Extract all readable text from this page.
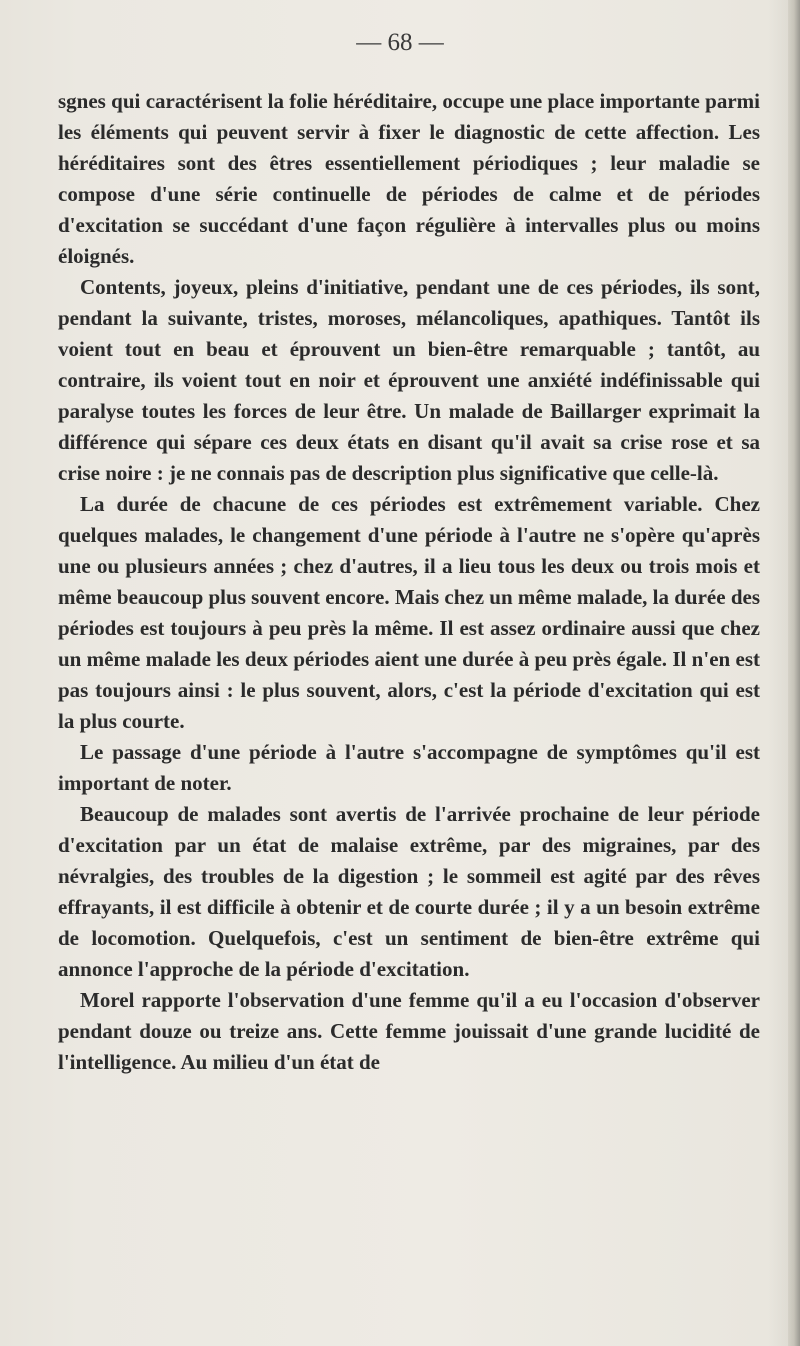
— 68 —

sgnes qui caractérisent la folie héréditaire, occupe une place importante parmi les éléments qui peuvent servir à fixer le diagnostic de cette affection. Les héréditaires sont des êtres essentiellement périodiques ; leur maladie se compose d'une série continuelle de périodes de calme et de périodes d'excitation se succédant d'une façon régulière à intervalles plus ou moins éloignés.

Contents, joyeux, pleins d'initiative, pendant une de ces périodes, ils sont, pendant la suivante, tristes, moroses, mélancoliques, apathiques. Tantôt ils voient tout en beau et éprouvent un bien-être remarquable ; tantôt, au contraire, ils voient tout en noir et éprouvent une anxiété indéfinissable qui paralyse toutes les forces de leur être. Un malade de Baillarger exprimait la différence qui sépare ces deux états en disant qu'il avait sa crise rose et sa crise noire : je ne connais pas de description plus significative que celle-là.

La durée de chacune de ces périodes est extrêmement variable. Chez quelques malades, le changement d'une période à l'autre ne s'opère qu'après une ou plusieurs années ; chez d'autres, il a lieu tous les deux ou trois mois et même beaucoup plus souvent encore. Mais chez un même malade, la durée des périodes est toujours à peu près la même. Il est assez ordinaire aussi que chez un même malade les deux périodes aient une durée à peu près égale. Il n'en est pas toujours ainsi : le plus souvent, alors, c'est la période d'excitation qui est la plus courte.

Le passage d'une période à l'autre s'accompagne de symptômes qu'il est important de noter.

Beaucoup de malades sont avertis de l'arrivée prochaine de leur période d'excitation par un état de malaise extrême, par des migraines, par des névralgies, des troubles de la digestion ; le sommeil est agité par des rêves effrayants, il est difficile à obtenir et de courte durée ; il y a un besoin extrême de locomotion. Quelquefois, c'est un sentiment de bien-être extrême qui annonce l'approche de la période d'excitation.

Morel rapporte l'observation d'une femme qu'il a eu l'occasion d'observer pendant douze ou treize ans. Cette femme jouissait d'une grande lucidité de l'intelligence. Au milieu d'un état de
